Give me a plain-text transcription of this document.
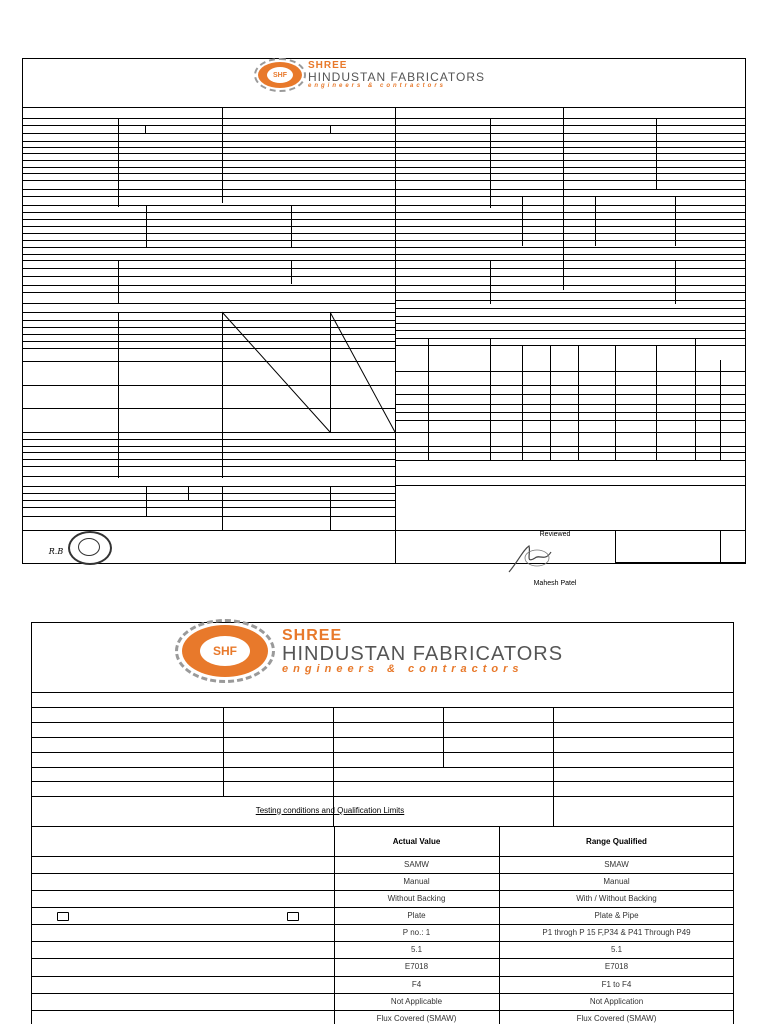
SHF
SHREE
HINDUSTAN FABRICATORS
engineers & contractors
R.B
Reviewed
Mahesh Patel
SHF
SHREE
HINDUSTAN FABRICATORS
engineers & contractors
Testing conditions and Qualification Limits
Actual Value	Range Qualified
SAMW	SMAW
Manual	Manual
Without Backing	With / Without Backing
Plate	Plate & Pipe
P no.: 1	P1 throgh P 15 F,P34 & P41 Through P49
5.1	5.1
E7018	E7018
F4	F1 to F4
Not Applicable	Not Application
Flux Covered (SMAW)	Flux Covered (SMAW)
